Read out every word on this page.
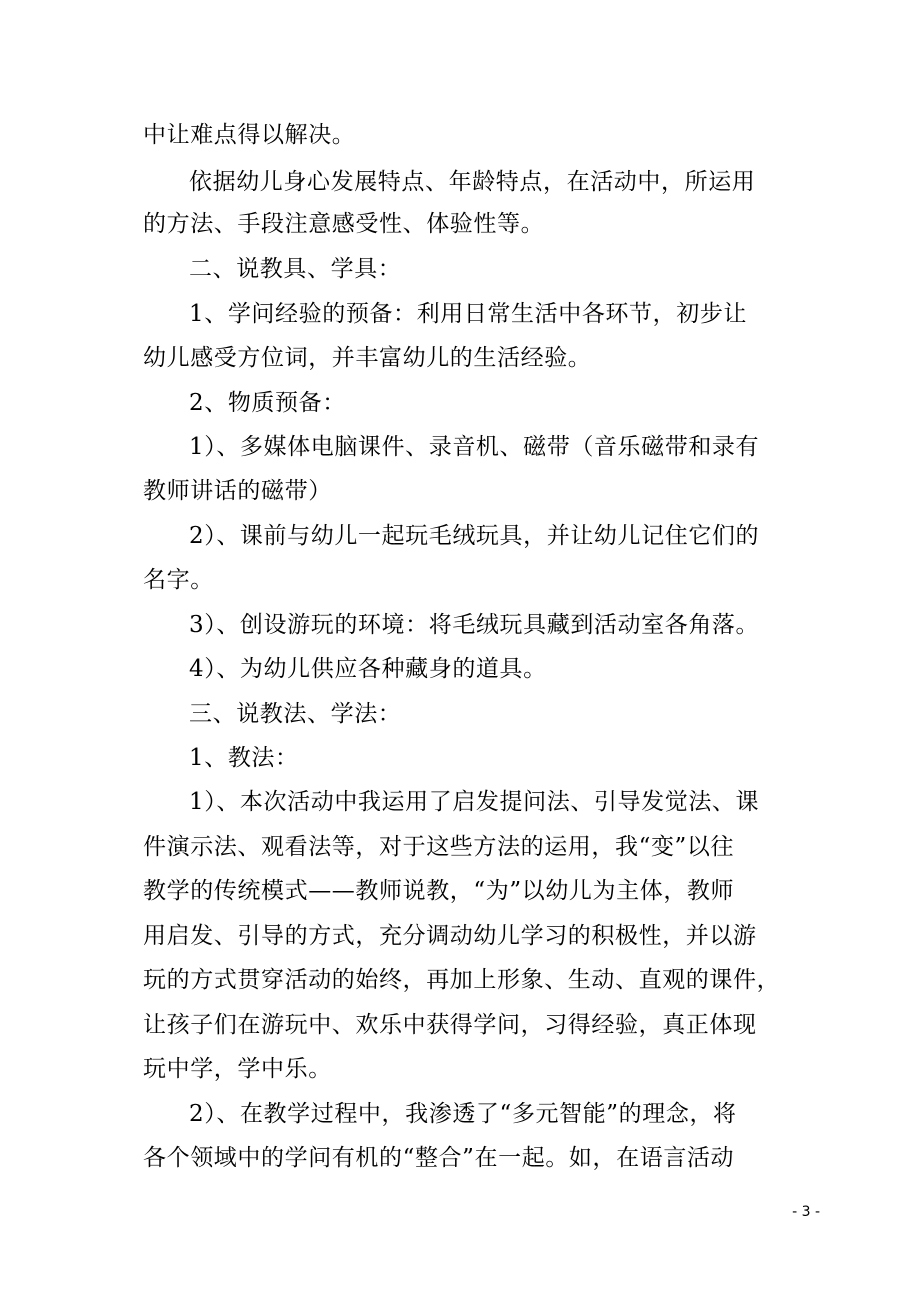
中让难点得以解决。
依据幼儿身心发展特点、年龄特点，在活动中，所运用
的方法、手段注意感受性、体验性等。
二、说教具、学具：
1、学问经验的预备：利用日常生活中各环节，初步让
幼儿感受方位词，并丰富幼儿的生活经验。
2、物质预备：
1）、多媒体电脑课件、录音机、磁带（音乐磁带和录有
教师讲话的磁带）
2）、课前与幼儿一起玩毛绒玩具，并让幼儿记住它们的
名字。
3）、创设游玩的环境：将毛绒玩具藏到活动室各角落。
4）、为幼儿供应各种藏身的道具。
三、说教法、学法：
1、教法：
1）、本次活动中我运用了启发提问法、引导发觉法、课
件演示法、观看法等，对于这些方法的运用，我“变”以往
教学的传统模式——教师说教，“为”以幼儿为主体，教师
用启发、引导的方式，充分调动幼儿学习的积极性，并以游
玩的方式贯穿活动的始终，再加上形象、生动、直观的课件，
让孩子们在游玩中、欢乐中获得学问，习得经验，真正体现
玩中学，学中乐。
2）、在教学过程中，我渗透了“多元智能”的理念，将
各个领域中的学问有机的“整合”在一起。如，在语言活动
- 3 -
